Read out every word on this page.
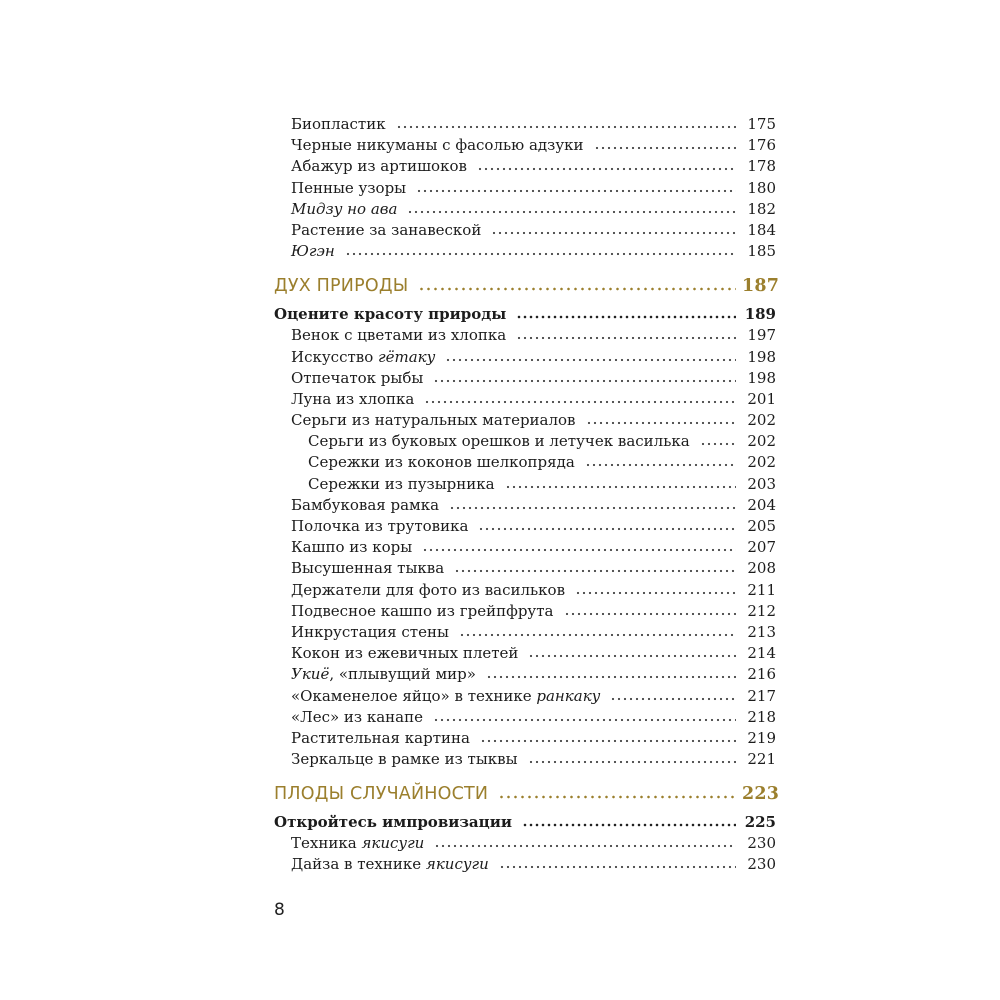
Биопластик	175
Черные никуманы с фасолью адзуки	176
Абажур из артишоков	178
Пенные узоры	180
Мидзу но ава	182
Растение за занавеской	184
Югэн	185
ДУХ ПРИРОДЫ	187
Оцените красоту природы	189
Венок с цветами из хлопка	197
Искусство гётаку	198
Отпечаток рыбы	198
Луна из хлопка	201
Серьги из натуральных материалов	202
Серьги из буковых орешков и летучек василька	202
Сережки из коконов шелкопряда	202
Сережки из пузырника	203
Бамбуковая рамка	204
Полочка из трутовика	205
Кашпо из коры	207
Высушенная тыква	208
Держатели для фото из васильков	211
Подвесное кашпо из грейпфрута	212
Инкрустация стены	213
Кокон из ежевичных плетей	214
Укиё, «плывущий мир»	216
«Окаменелое яйцо» в технике ранкаку	217
«Лес» из канапе	218
Растительная картина	219
Зеркальце в рамке из тыквы	221
ПЛОДЫ СЛУЧАЙНОСТИ	223
Откройтесь импровизации	225
Техника якисуги	230
Дайза в технике якисуги	230
8
